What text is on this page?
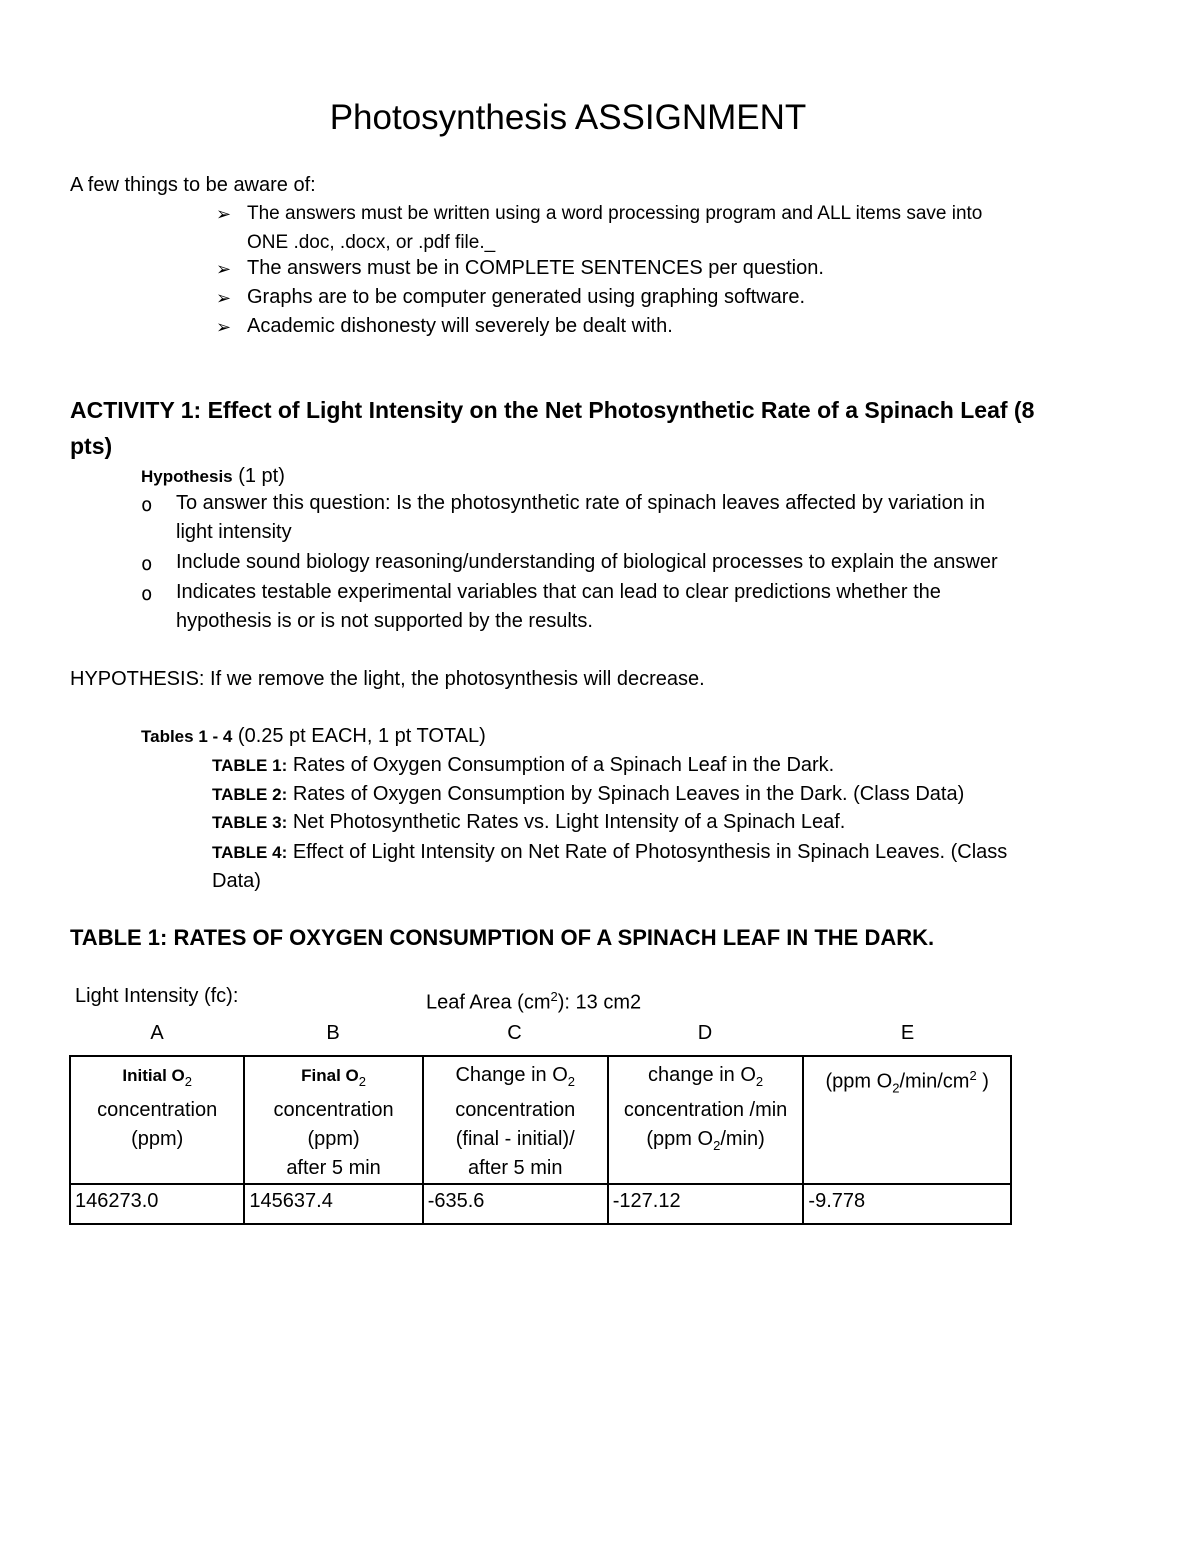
Photosynthesis ASSIGNMENT
A few things to be aware of:
➢ The answers must be written using a word processing program and ALL items save into
ONE .doc, .docx, or .pdf file._
➢ The answers must be in COMPLETE SENTENCES per question.
➢ Graphs are to be computer generated using graphing software.
➢ Academic dishonesty will severely be dealt with.
ACTIVITY 1: Effect of Light Intensity on the Net Photosynthetic Rate of a Spinach Leaf (8 pts)
Hypothesis (1 pt)
o To answer this question: Is the photosynthetic rate of spinach leaves affected by variation in
light intensity
o Include sound biology reasoning/understanding of biological processes to explain the answer
o Indicates testable experimental variables that can lead to clear predictions whether the
hypothesis is or is not supported by the results.
HYPOTHESIS: If we remove the light, the photosynthesis will decrease.
Tables 1 - 4 (0.25 pt EACH, 1 pt TOTAL)
TABLE 1: Rates of Oxygen Consumption of a Spinach Leaf in the Dark.
TABLE 2: Rates of Oxygen Consumption by Spinach Leaves in the Dark. (Class Data)
TABLE 3: Net Photosynthetic Rates vs. Light Intensity of a Spinach Leaf.
TABLE 4: Effect of Light Intensity on Net Rate of Photosynthesis in Spinach Leaves. (Class
Data)
TABLE 1: RATES OF OXYGEN CONSUMPTION OF A SPINACH LEAF IN THE DARK.
Light Intensity (fc):	Leaf Area $(cm^2)$: 13 cm2
A	B	C	D	E
Initial $O_2$
concentration
(ppm)	Final $O_2$
concentration
(ppm)
after 5 min	Change in $O_2$
concentration
(final - initial)/
after 5 min	change in $O_2$
concentration /min
(ppm $O_2/\min$)	(ppm $O_2/\min/cm^2$ )
146273.0	145637.4	-635.6	-127.12	-9.778
